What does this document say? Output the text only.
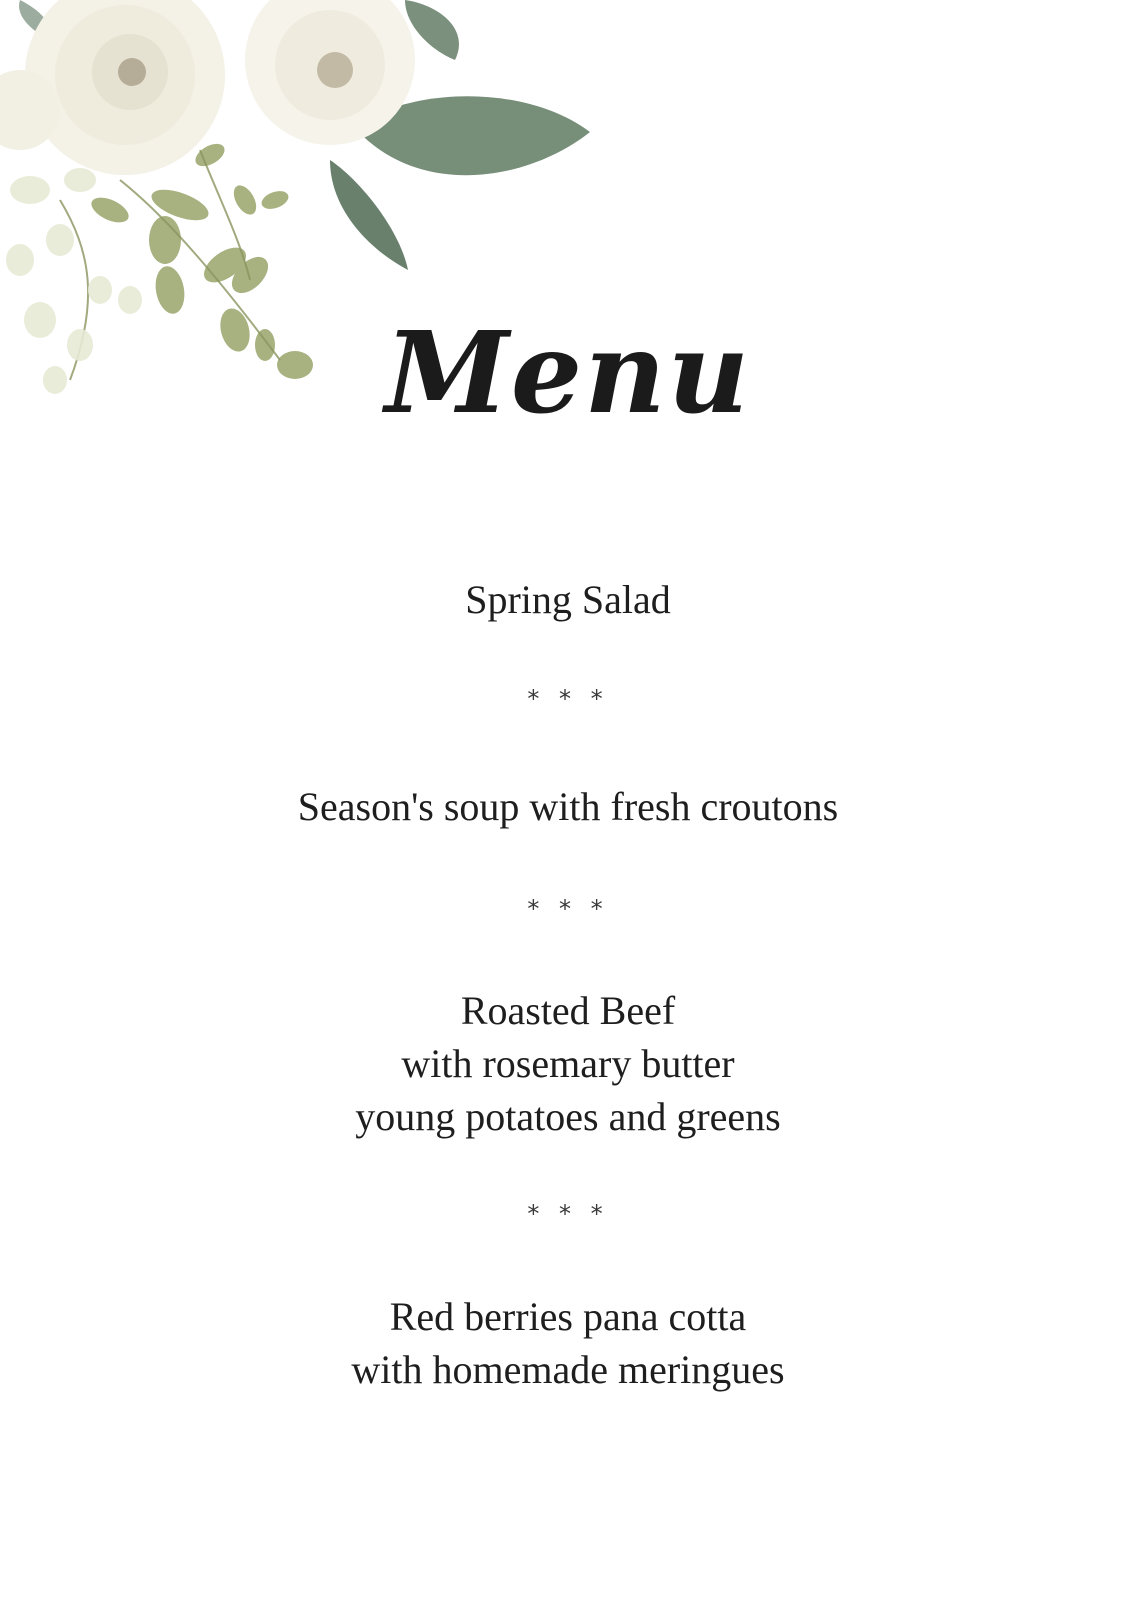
Menu
Spring Salad
* * *
Season's soup with fresh croutons
* * *
Roasted Beef
with rosemary butter
young potatoes and greens
* * *
Red berries pana cotta
with homemade meringues
